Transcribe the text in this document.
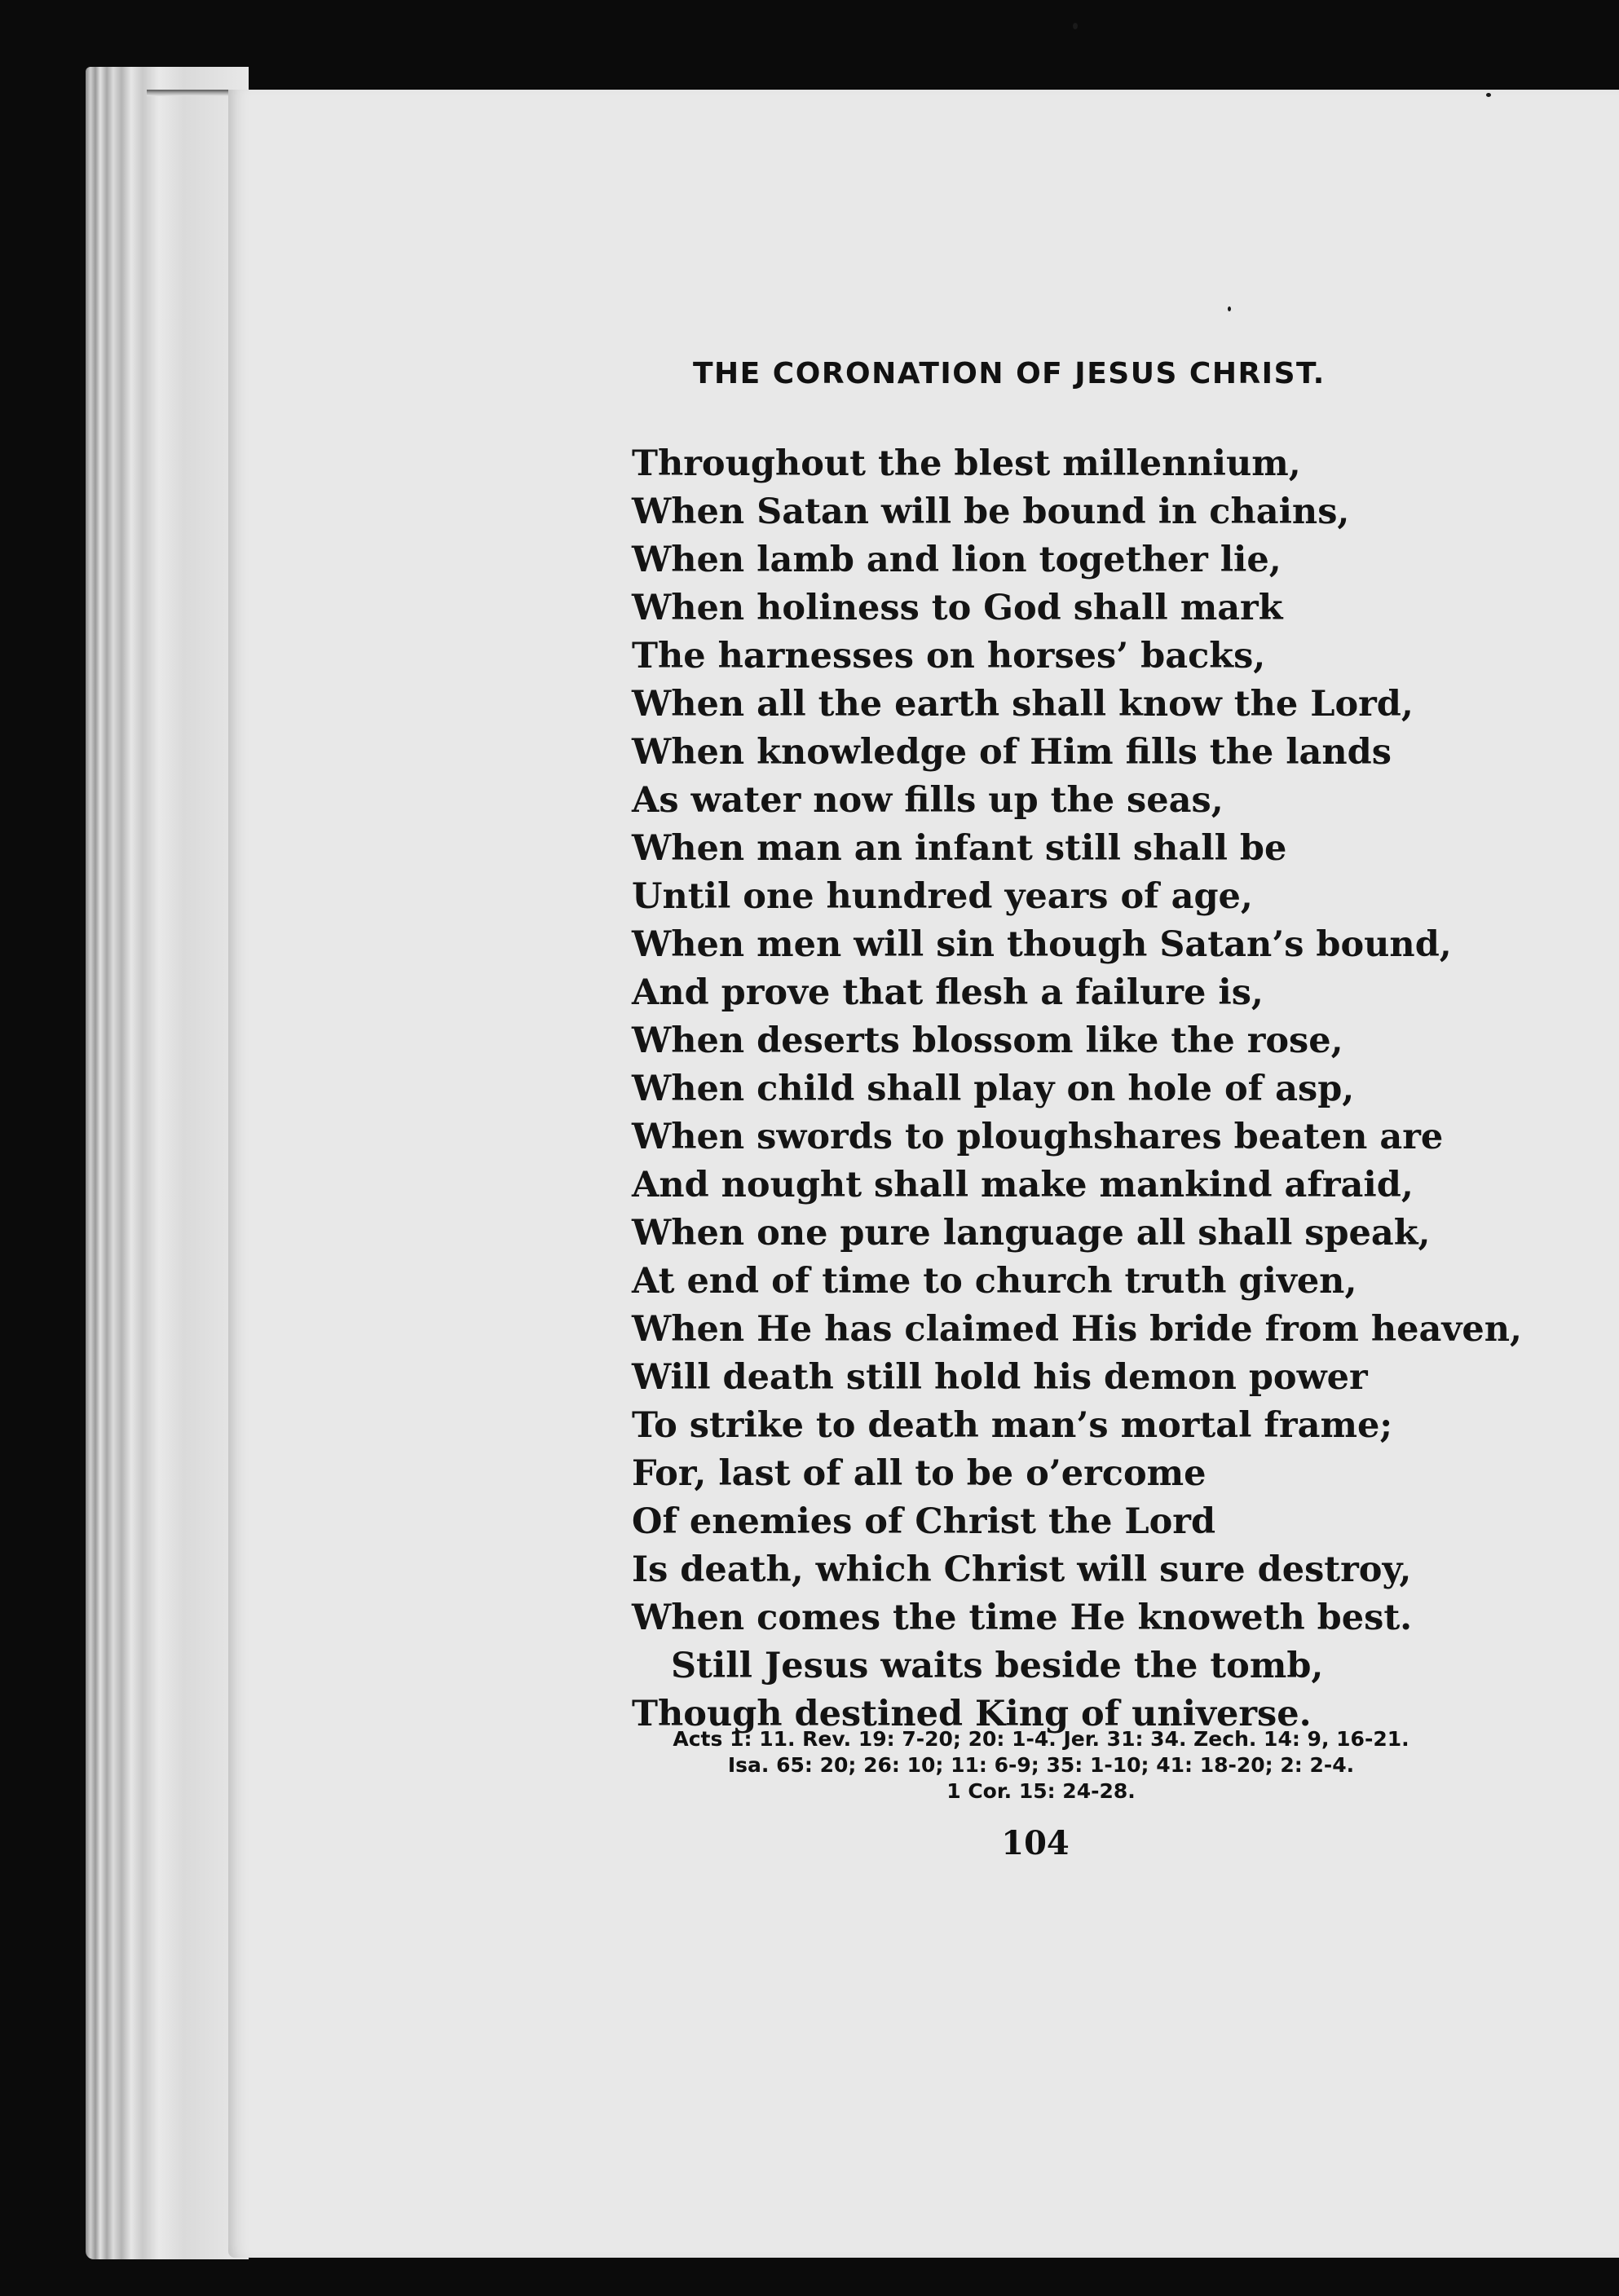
THE CORONATION OF JESUS CHRIST.
Throughout the blest millennium,
When Satan will be bound in chains,
When lamb and lion together lie,
When holiness to God shall mark
The harnesses on horses’ backs,
When all the earth shall know the Lord,
When knowledge of Him fills the lands
As water now fills up the seas,
When man an infant still shall be
Until one hundred years of age,
When men will sin though Satan’s bound,
And prove that flesh a failure is,
When deserts blossom like the rose,
When child shall play on hole of asp,
When swords to ploughshares beaten are
And nought shall make mankind afraid,
When one pure language all shall speak,
At end of time to church truth given,
When He has claimed His bride from heaven,
Will death still hold his demon power
To strike to death man’s mortal frame;
For, last of all to be o’ercome
Of enemies of Christ the Lord
Is death, which Christ will sure destroy,
When comes the time He knoweth best.
Still Jesus waits beside the tomb,
Though destined King of universe.
Acts 1: 11. Rev. 19: 7-20; 20: 1-4. Jer. 31: 34. Zech. 14: 9, 16-21.
Isa. 65: 20; 26: 10; 11: 6-9; 35: 1-10; 41: 18-20; 2: 2-4.
1 Cor. 15: 24-28.
104
